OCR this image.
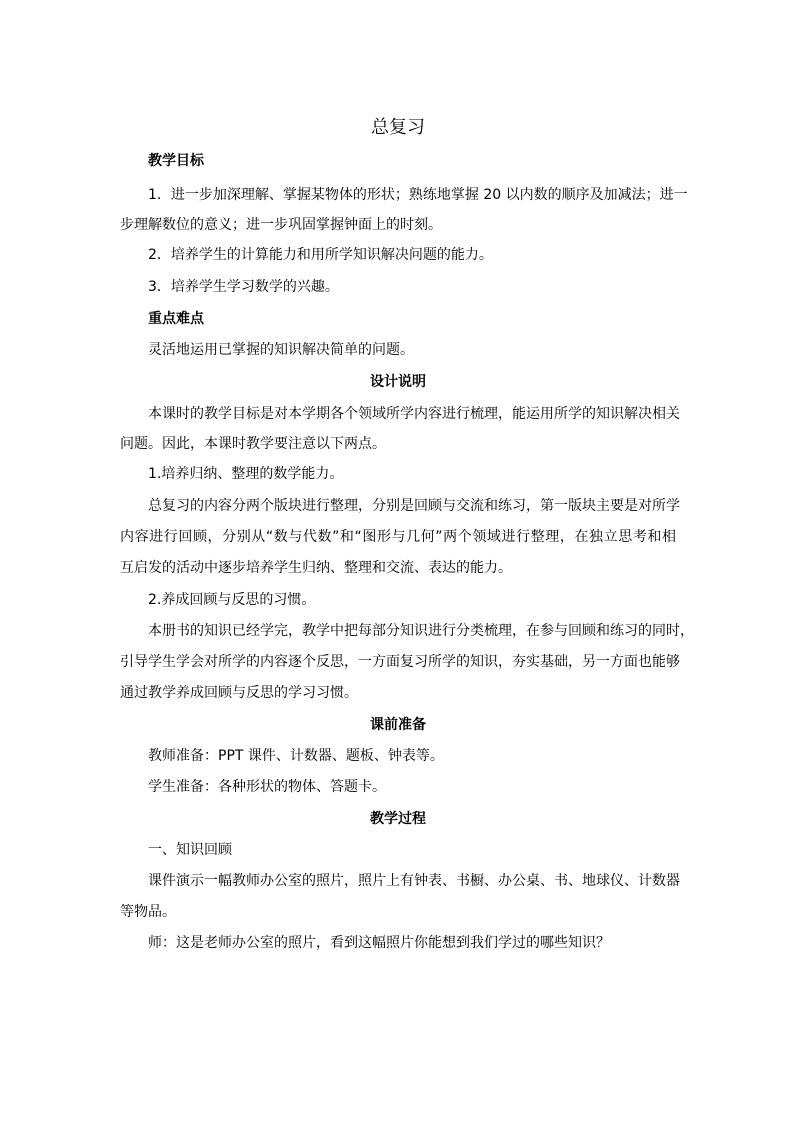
总复习
教学目标
1．进一步加深理解、掌握某物体的形状；熟练地掌握 20 以内数的顺序及加减法；进一
步理解数位的意义；进一步巩固掌握钟面上的时刻。
2．培养学生的计算能力和用所学知识解决问题的能力。
3．培养学生学习数学的兴趣。
重点难点
灵活地运用已掌握的知识解决简单的问题。
设计说明
本课时的教学目标是对本学期各个领域所学内容进行梳理，能运用所学的知识解决相关
问题。因此，本课时教学要注意以下两点。
1.培养归纳、整理的数学能力。
总复习的内容分两个版块进行整理，分别是回顾与交流和练习，第一版块主要是对所学
内容进行回顾，分别从“数与代数”和“图形与几何”两个领域进行整理，在独立思考和相
互启发的活动中逐步培养学生归纳、整理和交流、表达的能力。
2.养成回顾与反思的习惯。
本册书的知识已经学完，教学中把每部分知识进行分类梳理，在参与回顾和练习的同时，
引导学生学会对所学的内容逐个反思，一方面复习所学的知识，夯实基础，另一方面也能够
通过教学养成回顾与反思的学习习惯。
课前准备
教师准备：PPT 课件、计数器、题板、钟表等。
学生准备：各种形状的物体、答题卡。
教学过程
一、知识回顾
课件演示一幅教师办公室的照片，照片上有钟表、书橱、办公桌、书、地球仪、计数器
等物品。
师：这是老师办公室的照片，看到这幅照片你能想到我们学过的哪些知识？
